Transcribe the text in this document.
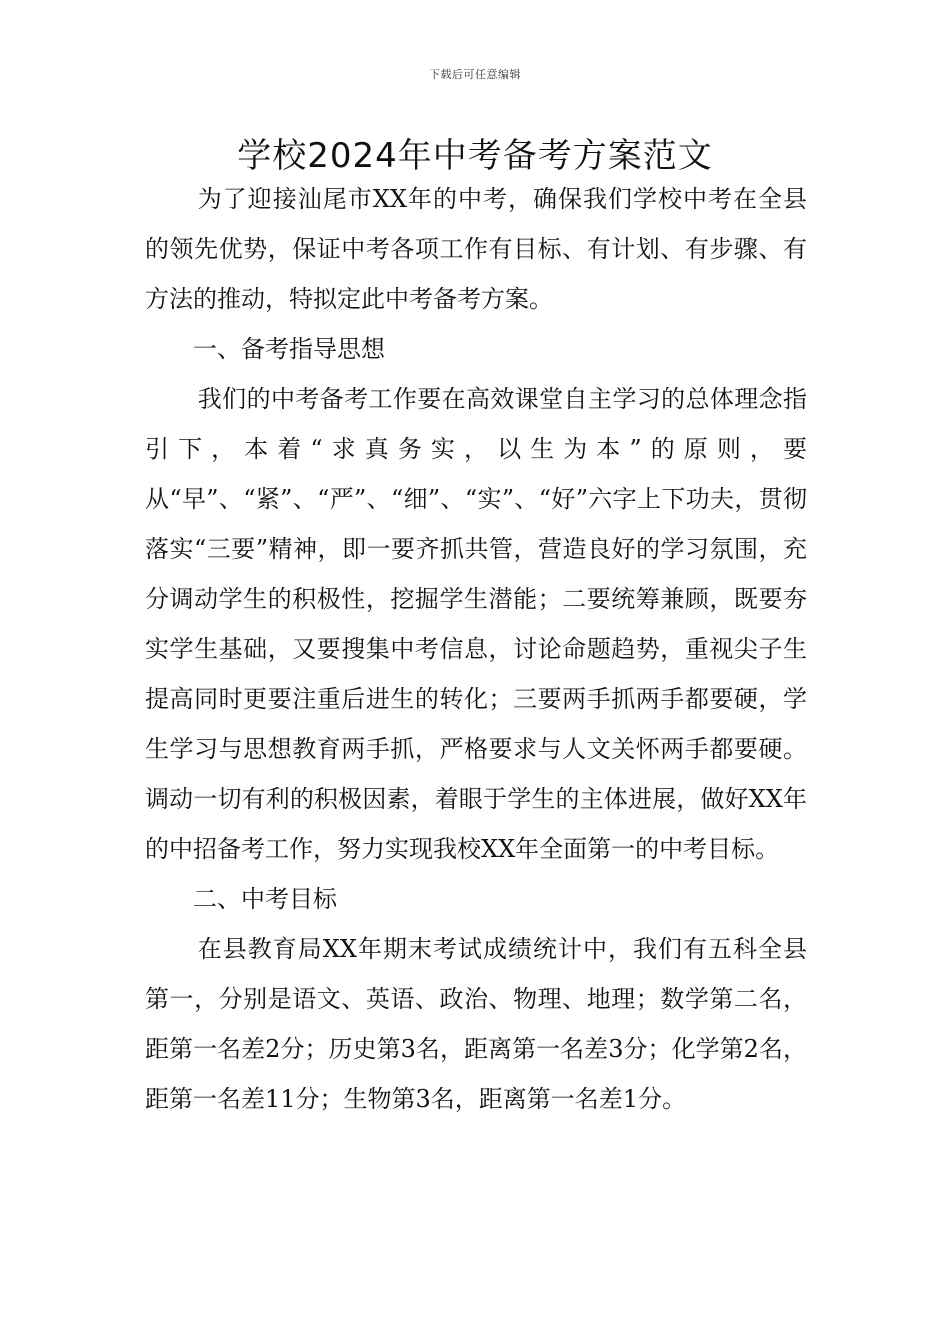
下载后可任意编辑
学校2024年中考备考方案范文

为了迎接汕尾市XX年的中考，确保我们学校中考在全县的领先优势，保证中考各项工作有目标、有计划、有步骤、有方法的推动，特拟定此中考备考方案。

一、备考指导思想

我们的中考备考工作要在高效课堂自主学习的总体理念指引下，本着“求真务实，以生为本”的原则，要从“早”、“紧”、“严”、“细”、“实”、“好”六字上下功夫，贯彻落实“三要”精神，即一要齐抓共管，营造良好的学习氛围，充分调动学生的积极性，挖掘学生潜能；二要统筹兼顾，既要夯实学生基础，又要搜集中考信息，讨论命题趋势，重视尖子生提高同时更要注重后进生的转化；三要两手抓两手都要硬，学生学习与思想教育两手抓，严格要求与人文关怀两手都要硬。调动一切有利的积极因素，着眼于学生的主体进展，做好XX年的中招备考工作，努力实现我校XX年全面第一的中考目标。

二、中考目标

在县教育局XX年期末考试成绩统计中，我们有五科全县第一，分别是语文、英语、政治、物理、地理；数学第二名，距第一名差2分；历史第3名，距离第一名差3分；化学第2名，距第一名差11分；生物第3名，距离第一名差1分。
